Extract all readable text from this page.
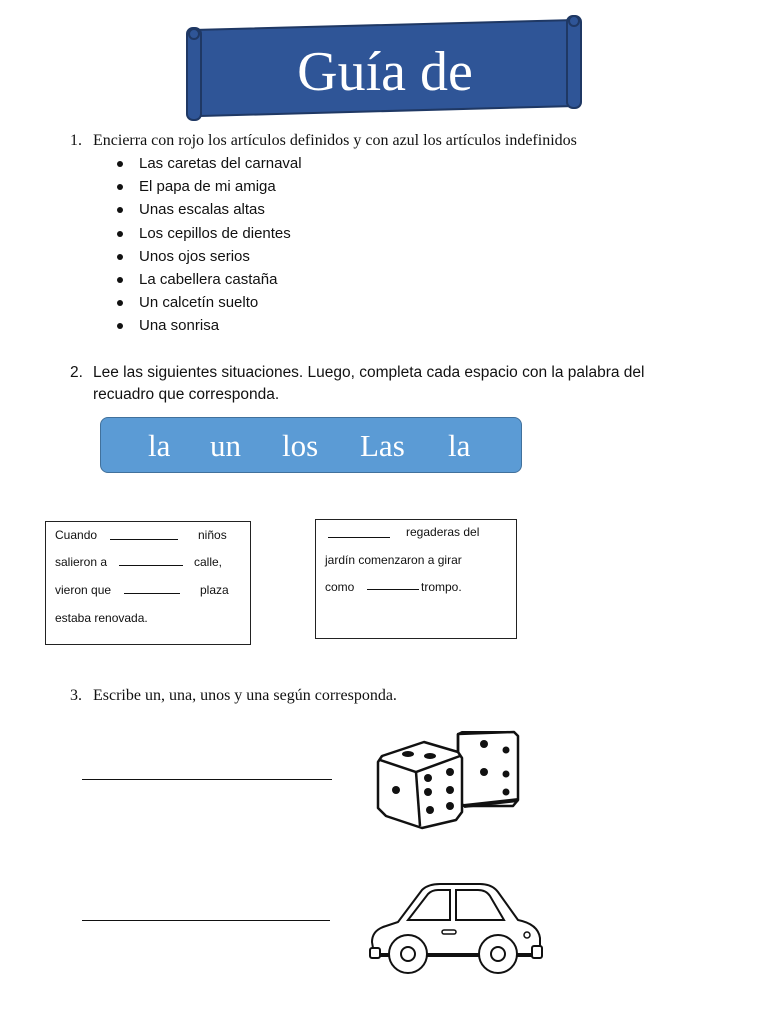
Guía de
1. Encierra con rojo los artículos definidos y con azul los artículos indefinidos
Las caretas del carnaval
El papa de mi amiga
Unas escalas altas
Los cepillos de dientes
Unos ojos serios
La cabellera castaña
Un calcetín suelto
Una sonrisa
2. Lee las siguientes situaciones. Luego, completa cada espacio con la palabra del recuadro que corresponda.
la un los Las la
Cuando	niños
salieron a	calle,
vieron que	plaza
estaba renovada.
regaderas del
jardín comenzaron a girar
como	trompo.
3. Escribe un, una, unos y una según corresponda.
